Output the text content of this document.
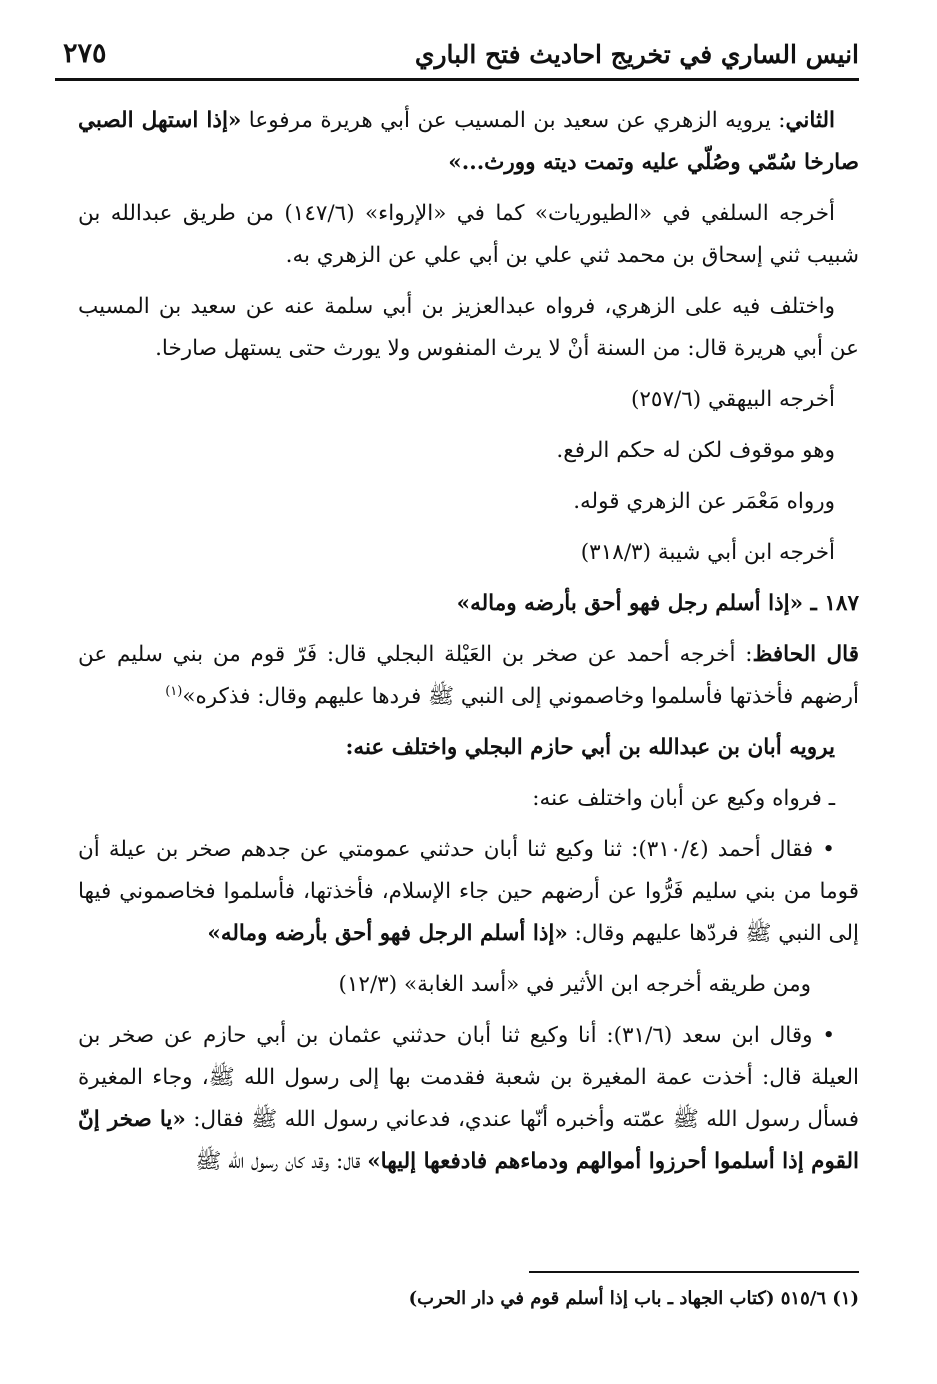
انيس الساري في تخريج احاديث فتح الباري
٢٧٥

الثاني: يرويه الزهري عن سعيد بن المسيب عن أبي هريرة مرفوعا «إذا استهل الصبي صارخا سُمّي وصُلّي عليه وتمت ديته وورث...»

أخرجه السلفي في «الطيوريات» كما في «الإرواء» (١٤٧/٦) من طريق عبدالله بن شبيب ثني إسحاق بن محمد ثني علي بن أبي علي عن الزهري به.

واختلف فيه على الزهري، فرواه عبدالعزيز بن أبي سلمة عنه عن سعيد بن المسيب عن أبي هريرة قال: من السنة أنْ لا يرث المنفوس ولا يورث حتى يستهل صارخا.

أخرجه البيهقي (٢٥٧/٦)

وهو موقوف لكن له حكم الرفع.

ورواه مَعْمَر عن الزهري قوله.

أخرجه ابن أبي شيبة (٣١٨/٣)

١٨٧ ـ «إذا أسلم رجل فهو أحق بأرضه وماله»

قال الحافظ: أخرجه أحمد عن صخر بن العَيْلة البجلي قال: فَرّ قوم من بني سليم عن أرضهم فأخذتها فأسلموا وخاصموني إلى النبي ﷺ فردها عليهم وقال: فذكره»$^{(١)}$

يرويه أبان بن عبدالله بن أبي حازم البجلي واختلف عنه:

ـ فرواه وكيع عن أبان واختلف عنه:

• فقال أحمد (٣١٠/٤): ثنا وكيع ثنا أبان حدثني عمومتي عن جدهم صخر بن عيلة أن قوما من بني سليم فَرُّوا عن أرضهم حين جاء الإسلام، فأخذتها، فأسلموا فخاصموني فيها إلى النبي ﷺ فردّها عليهم وقال: «إذا أسلم الرجل فهو أحق بأرضه وماله»

ومن طريقه أخرجه ابن الأثير في «أسد الغابة» (١٢/٣)

• وقال ابن سعد (٣١/٦): أنا وكيع ثنا أبان حدثني عثمان بن أبي حازم عن صخر بن العيلة قال: أخذت عمة المغيرة بن شعبة فقدمت بها إلى رسول الله ﷺ، وجاء المغيرة فسأل رسول الله ﷺ عمّته وأخبره أنّها عندي، فدعاني رسول الله ﷺ فقال: «يا صخر إنّ القوم إذا أسلموا أحرزوا أموالهم ودماءهم فادفعها إليها» قال: وقد كان رسول الله ﷺ

(١) ٥١٥/٦ (كتاب الجهاد ـ باب إذا أسلم قوم في دار الحرب)
